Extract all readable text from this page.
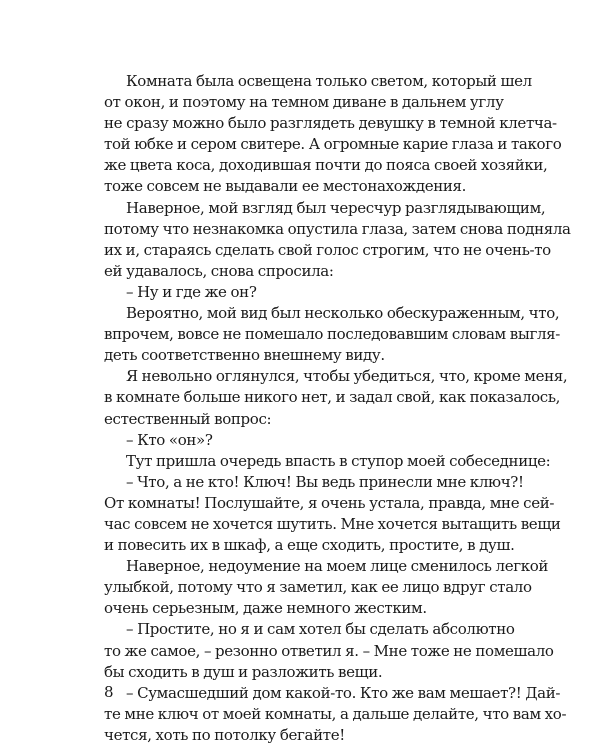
Комната была освещена только светом, который шел
от окон, и поэтому на темном диване в дальнем углу
не сразу можно было разглядеть девушку в темной клетча-
той юбке и сером свитере. А огромные карие глаза и такого
же цвета коса, доходившая почти до пояса своей хозяйки,
тоже совсем не выдавали ее местонахождения.
Наверное, мой взгляд был чересчур разглядывающим,
потому что незнакомка опустила глаза, затем снова подняла
их и, стараясь сделать свой голос строгим, что не очень-то
ей удавалось, снова спросила:
– Ну и где же он?
Вероятно, мой вид был несколько обескураженным, что,
впрочем, вовсе не помешало последовавшим словам выгля-
деть соответственно внешнему виду.
Я невольно оглянулся, чтобы убедиться, что, кроме меня,
в комнате больше никого нет, и задал свой, как показалось,
естественный вопрос:
– Кто «он»?
Тут пришла очередь впасть в ступор моей собеседнице:
– Что, а не кто! Ключ! Вы ведь принесли мне ключ?!
От комнаты! Послушайте, я очень устала, правда, мне сей-
час совсем не хочется шутить. Мне хочется вытащить вещи
и повесить их в шкаф, а еще сходить, простите, в душ.
Наверное, недоумение на моем лице сменилось легкой
улыбкой, потому что я заметил, как ее лицо вдруг стало
очень серьезным, даже немного жестким.
– Простите, но я и сам хотел бы сделать абсолютно
то же самое, – резонно ответил я. – Мне тоже не помешало
бы сходить в душ и разложить вещи.
– Сумасшедший дом какой-то. Кто же вам мешает?! Дай-
те мне ключ от моей комнаты, а дальше делайте, что вам хо-
чется, хоть по потолку бегайте!
8
